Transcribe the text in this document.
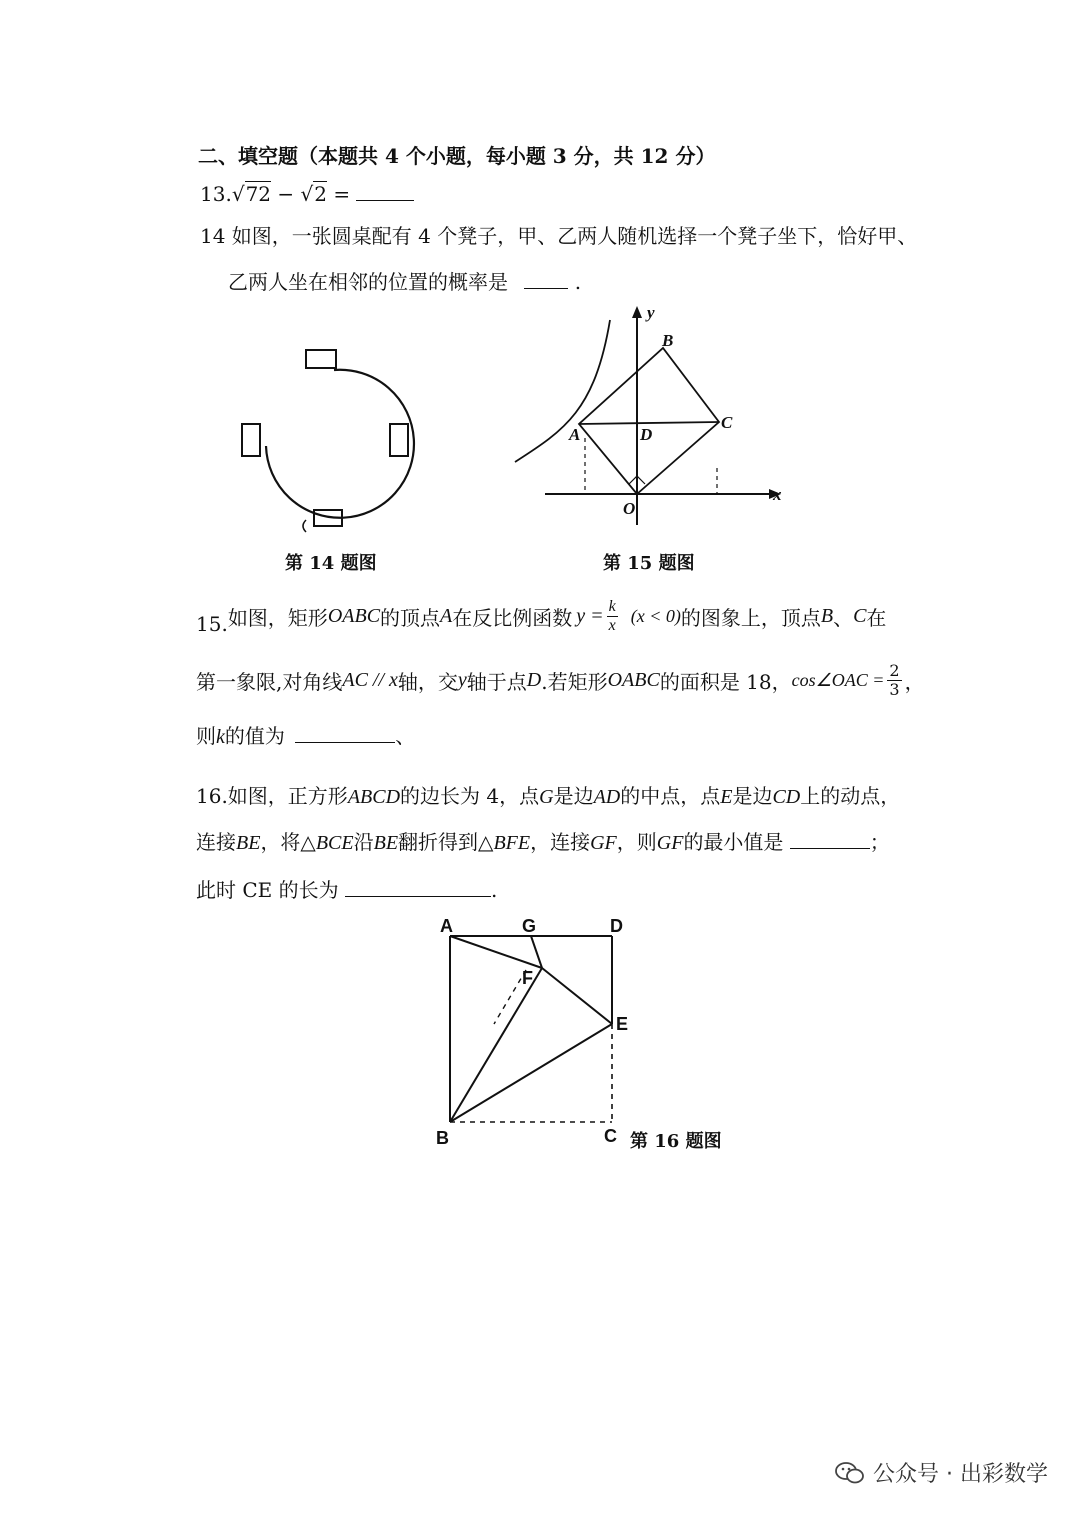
二、填空题（本题共 4 个小题，每小题 3 分，共 12 分）
13.√72 − √2 =
14 如图，一张圆桌配有 4 个凳子，甲、乙两人随机选择一个凳子坐下，恰好甲、
乙两人坐在相邻的位置的概率是	.
第 14 题图
y
B
A	D
C
O
x
第 15 题图
15. 如图，矩形 OABC 的顶点 A 在反比例函数 $y = \frac{k}{x} (x < 0)$ 的图象上，顶点 B 、 C 在
第一象限,对角线 AC // x 轴，交 y 轴于点 D .若矩形 OABC 的面积是 18， cos∠OAC = $\frac{2}{3}$ ，
则k的值为	、
16.如图，正方形ABCD的边长为 4，点G是边AD的中点，点E是边CD上的动点，
连接BE，将△BCE沿BE翻折得到△BFE，连接GF，则GF的最小值是	；
此时 CE 的长为	.
A	G	D
F
E
B	C 第 16 题图
公众号 · 出彩数学
